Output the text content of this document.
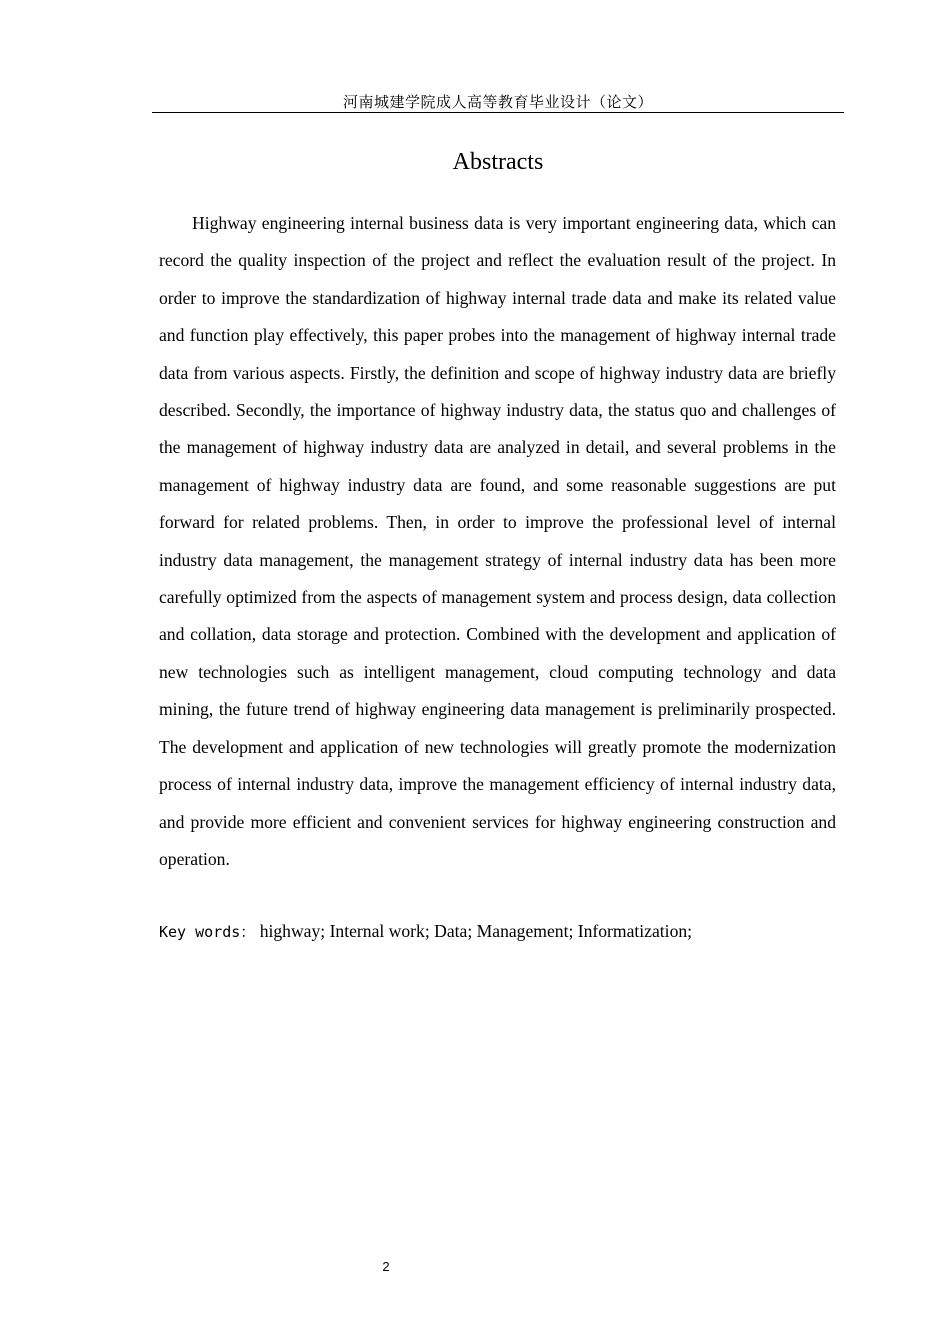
河南城建学院成人高等教育毕业设计（论文）
Abstracts

Highway engineering internal business data is very important engineering data, which can record the quality inspection of the project and reflect the evaluation result of the project. In order to improve the standardization of highway internal trade data and make its related value and function play effectively, this paper probes into the management of highway internal trade data from various aspects. Firstly, the definition and scope of highway industry data are briefly described. Secondly, the importance of highway industry data, the status quo and challenges of the management of highway industry data are analyzed in detail, and several problems in the management of highway industry data are found, and some reasonable suggestions are put forward for related problems. Then, in order to improve the professional level of internal industry data management, the management strategy of internal industry data has been more carefully optimized from the aspects of management system and process design, data collection and collation, data storage and protection. Combined with the development and application of new technologies such as intelligent management, cloud computing technology and data mining, the future trend of highway engineering data management is preliminarily prospected. The development and application of new technologies will greatly promote the modernization process of internal industry data, improve the management efficiency of internal industry data, and provide more efficient and convenient services for highway engineering construction and operation.

Key words： highway; Internal work; Data; Management; Informatization;
2
